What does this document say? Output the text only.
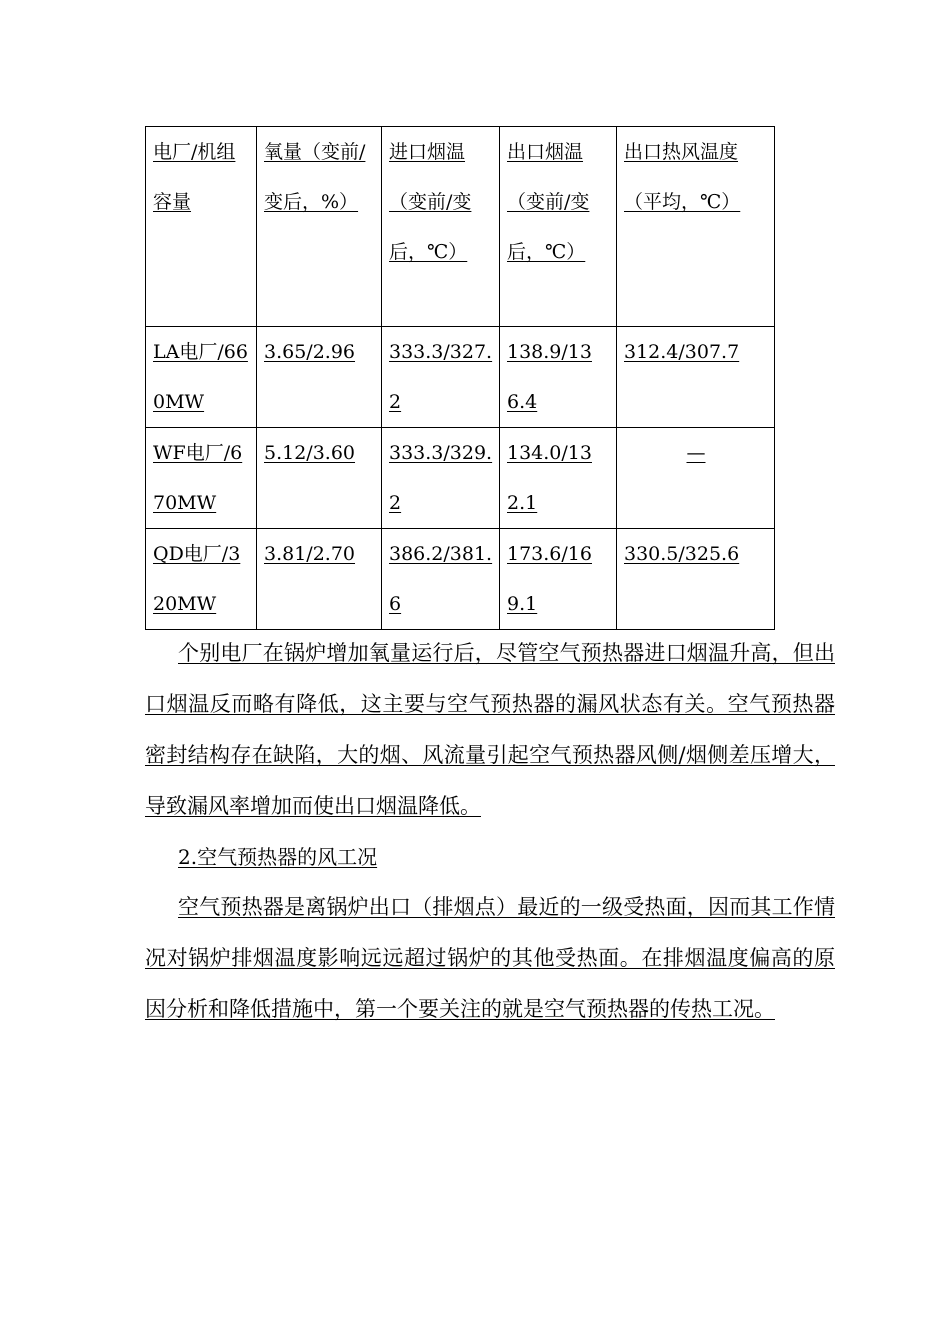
电厂/机组容量	氧量（变前/变后，%）	进口烟温（变前/变后，℃）	出口烟温（变前/变后，℃）	出口热风温度（平均，℃）
LA电厂/660MW	3.65/2.96	333.3/327.2	138.9/136.4	312.4/307.7
WF电厂/670MW	5.12/3.60	333.3/329.2	134.0/132.1	—
QD电厂/320MW	3.81/2.70	386.2/381.6	173.6/169.1	330.5/325.6

个别电厂在锅炉增加氧量运行后，尽管空气预热器进口烟温升高，但出口烟温反而略有降低，这主要与空气预热器的漏风状态有关。空气预热器密封结构存在缺陷，大的烟、风流量引起空气预热器风侧/烟侧差压增大，导致漏风率增加而使出口烟温降低。

2.空气预热器的风工况

空气预热器是离锅炉出口（排烟点）最近的一级受热面，因而其工作情况对锅炉排烟温度影响远远超过锅炉的其他受热面。在排烟温度偏高的原因分析和降低措施中，第一个要关注的就是空气预热器的传热工况。
